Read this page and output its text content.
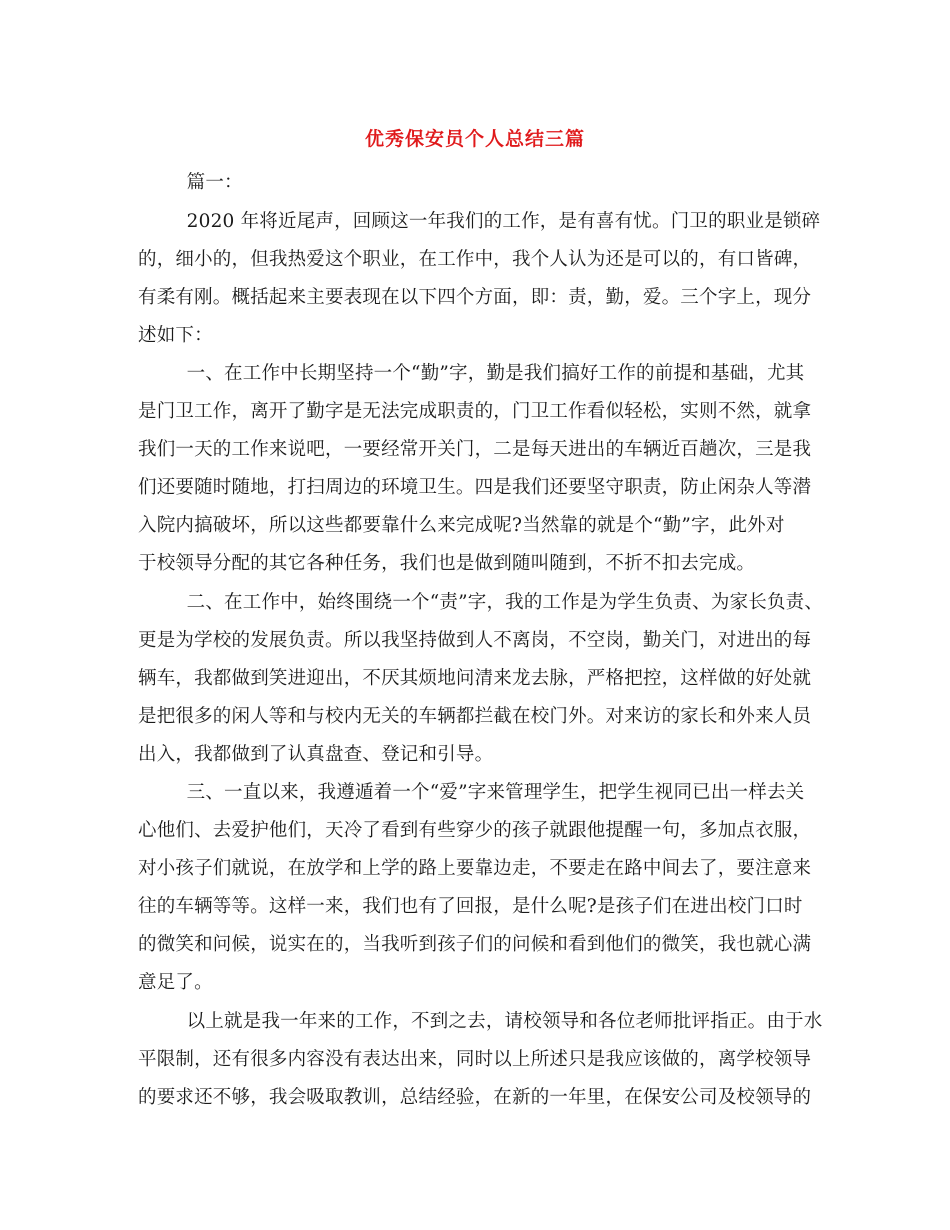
优秀保安员个人总结三篇
篇一：
2020 年将近尾声，回顾这一年我们的工作，是有喜有忧。门卫的职业是锁碎
的，细小的，但我热爱这个职业，在工作中，我个人认为还是可以的，有口皆碑，
有柔有刚。概括起来主要表现在以下四个方面，即：责，勤，爱。三个字上，现分
述如下：
一、在工作中长期坚持一个“勤”字，勤是我们搞好工作的前提和基础，尤其
是门卫工作，离开了勤字是无法完成职责的，门卫工作看似轻松，实则不然，就拿
我们一天的工作来说吧，一要经常开关门，二是每天进出的车辆近百趟次，三是我
们还要随时随地，打扫周边的环境卫生。四是我们还要坚守职责，防止闲杂人等潜
入院内搞破坏，所以这些都要靠什么来完成呢?当然靠的就是个“勤”字，此外对
于校领导分配的其它各种任务，我们也是做到随叫随到，不折不扣去完成。
二、在工作中，始终围绕一个“责”字，我的工作是为学生负责、为家长负责、
更是为学校的发展负责。所以我坚持做到人不离岗，不空岗，勤关门，对进出的每
辆车，我都做到笑进迎出，不厌其烦地问清来龙去脉，严格把控，这样做的好处就
是把很多的闲人等和与校内无关的车辆都拦截在校门外。对来访的家长和外来人员
出入，我都做到了认真盘查、登记和引导。
三、一直以来，我遵遁着一个“爱”字来管理学生，把学生视同已出一样去关
心他们、去爱护他们，天冷了看到有些穿少的孩子就跟他提醒一句，多加点衣服，
对小孩子们就说，在放学和上学的路上要靠边走，不要走在路中间去了，要注意来
往的车辆等等。这样一来，我们也有了回报，是什么呢?是孩子们在进出校门口时
的微笑和问候，说实在的，当我听到孩子们的问候和看到他们的微笑，我也就心满
意足了。
以上就是我一年来的工作，不到之去，请校领导和各位老师批评指正。由于水
平限制，还有很多内容没有表达出来，同时以上所述只是我应该做的，离学校领导
的要求还不够，我会吸取教训，总结经验，在新的一年里，在保安公司及校领导的
